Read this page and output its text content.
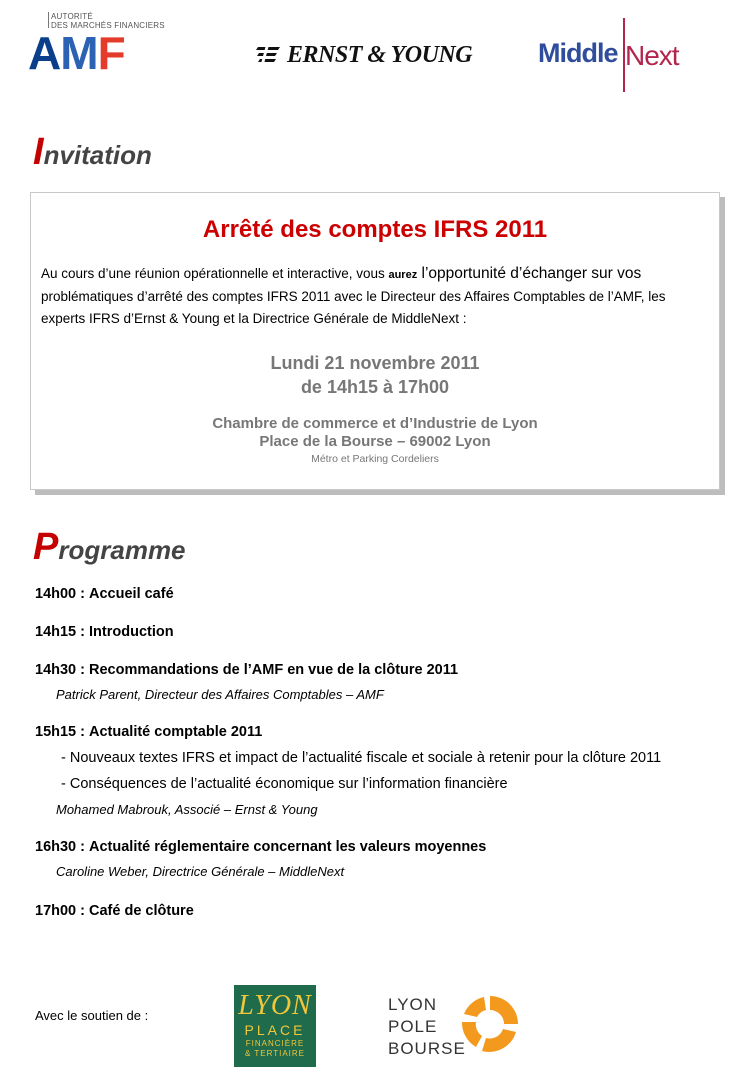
AUTORITÉ
DES MARCHÉS FINANCIERS
AMF	ERNST & YOUNG Middle Next
Invitation
Arrêté des comptes IFRS 2011
Au cours d’une réunion opérationnelle et interactive, vous aurez l’opportunité d’échanger sur vos
problématiques d’arrêté des comptes IFRS 2011 avec le Directeur des Affaires Comptables de l’AMF, les
experts IFRS d’Ernst & Young et la Directrice Générale de MiddleNext :
Lundi 21 novembre 2011
de 14h15 à 17h00
Chambre de commerce et d’Industrie de Lyon
Place de la Bourse – 69002 Lyon
Métro et Parking Cordeliers
Programme
14h00 : Accueil café
14h15 : Introduction
14h30 : Recommandations de l’AMF en vue de la clôture 2011
Patrick Parent, Directeur des Affaires Comptables – AMF
15h15 : Actualité comptable 2011
- Nouveaux textes IFRS et impact de l’actualité fiscale et sociale à retenir pour la clôture 2011
- Conséquences de l’actualité économique sur l’information financière
Mohamed Mabrouk, Associé – Ernst & Young
16h30 : Actualité réglementaire concernant les valeurs moyennes
Caroline Weber, Directrice Générale – MiddleNext
17h00 : Café de clôture
Avec le soutien de :	LYON
PLACE
FINANCIÈRE
& TERTIAIRE
LYON
POLE
BOURSE
